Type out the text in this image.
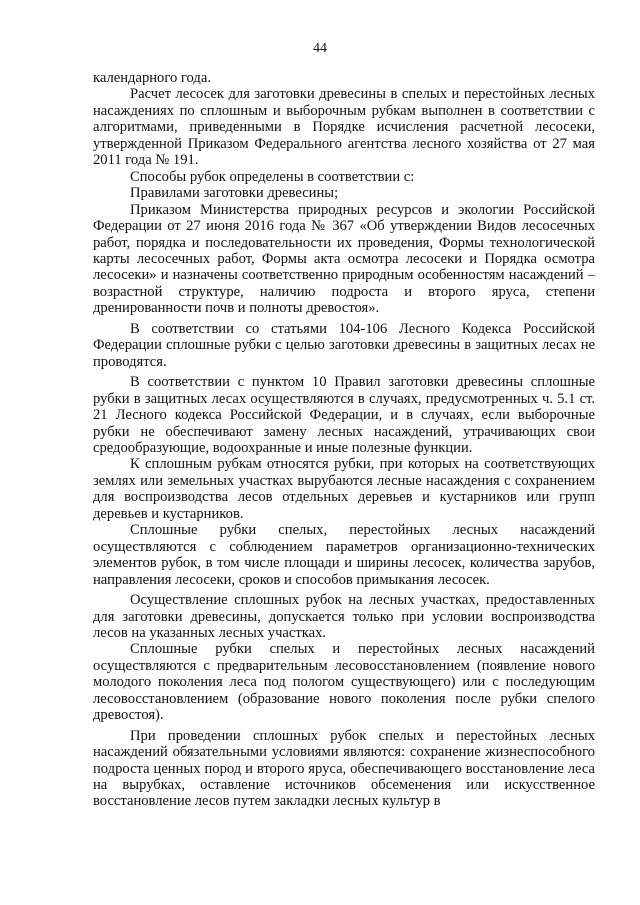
44

календарного года.

Расчет лесосек для заготовки древесины в спелых и перестойных лесных насаждениях по сплошным и выборочным рубкам выполнен в соответствии с алгоритмами, приведенными в Порядке исчисления расчетной лесосеки, утвержденной Приказом Федерального агентства лесного хозяйства от 27 мая 2011 года № 191.

Способы рубок определены в соответствии с:

Правилами заготовки древесины;

Приказом Министерства природных ресурсов и экологии Российской Федерации от 27 июня 2016 года № 367 «Об утверждении Видов лесосечных работ, порядка и последовательности их проведения, Формы технологической карты лесосечных работ, Формы акта осмотра лесосеки и Порядка осмотра лесосеки» и назначены соответственно природным особенностям насаждений – возрастной структуре, наличию подроста и второго яруса, степени дренированности почв и полноты древостоя».

В соответствии со статьями 104-106 Лесного Кодекса Российской Федерации сплошные рубки с целью заготовки древесины в защитных лесах не проводятся.

В соответствии с пунктом 10 Правил заготовки древесины сплошные рубки в защитных лесах осуществляются в случаях, предусмотренных ч. 5.1 ст. 21 Лесного кодекса Российской Федерации, и в случаях, если выборочные рубки не обеспечивают замену лесных насаждений, утрачивающих свои средообразующие, водоохранные и иные полезные функции.

К сплошным рубкам относятся рубки, при которых на соответствующих землях или земельных участках вырубаются лесные насаждения с сохранением для воспроизводства лесов отдельных деревьев и кустарников или групп деревьев и кустарников.

Сплошные рубки спелых, перестойных лесных насаждений осуществляются с соблюдением параметров организационно-технических элементов рубок, в том числе площади и ширины лесосек, количества зарубов, направления лесосеки, сроков и способов примыкания лесосек.

Осуществление сплошных рубок на лесных участках, предоставленных для заготовки древесины, допускается только при условии воспроизводства лесов на указанных лесных участках.

Сплошные рубки спелых и перестойных лесных насаждений осуществляются с предварительным лесовосстановлением (появление нового молодого поколения леса под пологом существующего) или с последующим лесовосстановлением (образование нового поколения после рубки спелого древостоя).

При проведении сплошных рубок спелых и перестойных лесных насаждений обязательными условиями являются: сохранение жизнеспособного подроста ценных пород и второго яруса, обеспечивающего восстановление леса на вырубках, оставление источников обсеменения или искусственное восстановление лесов путем закладки лесных культур в
